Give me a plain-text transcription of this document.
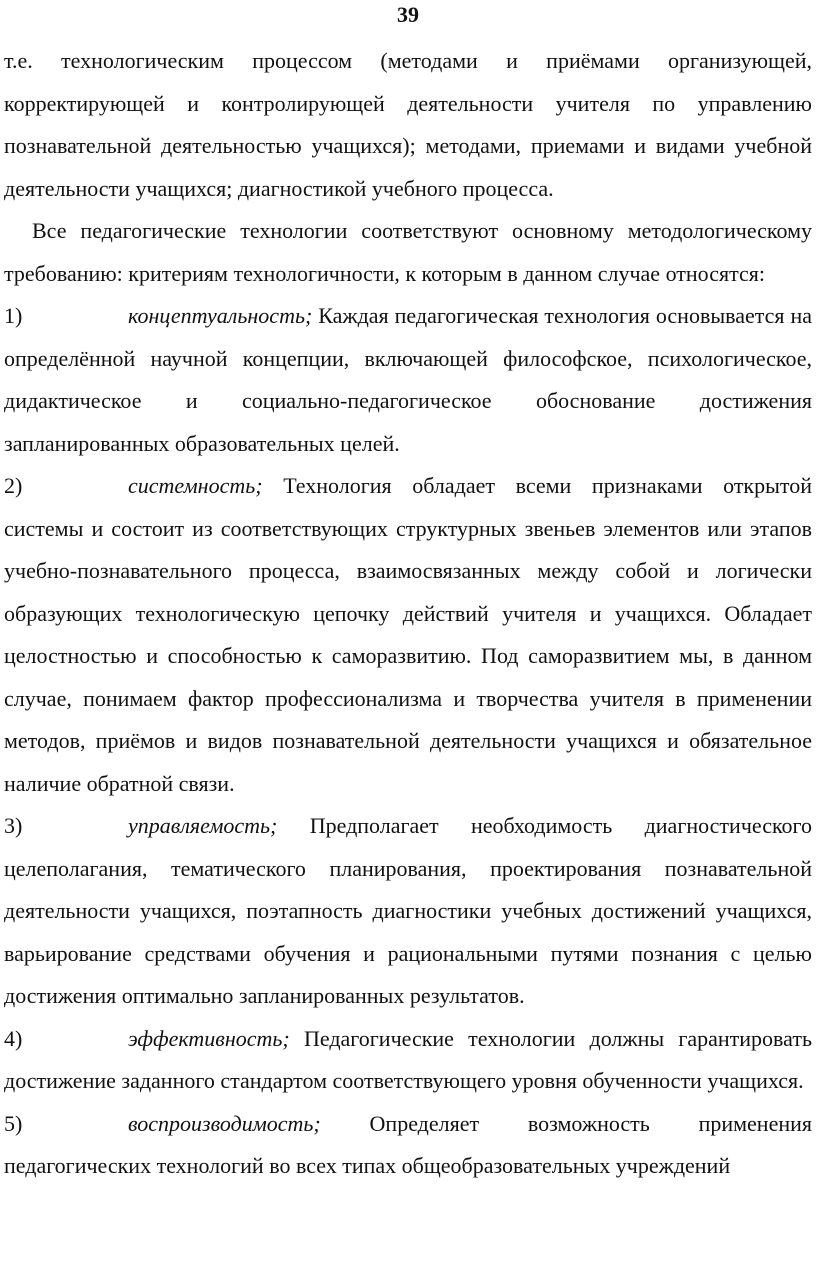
39

т.е. технологическим процессом (методами и приёмами организующей, корректирующей и контролирующей деятельности учителя по управлению познавательной деятельностью учащихся); методами, приемами и видами учебной деятельности учащихся; диагностикой учебного процесса.

Все педагогические технологии соответствуют основному методологическому требованию: критериям технологичности, к которым в данном случае относятся:

1)	концептуальность; Каждая педагогическая технология основывается на определённой научной концепции, включающей философское, психологическое, дидактическое и социально-педагогическое обоснование достижения запланированных образовательных целей.

2)	системность; Технология обладает всеми признаками открытой системы и состоит из соответствующих структурных звеньев элементов или этапов учебно-познавательного процесса, взаимосвязанных между собой и логически образующих технологическую цепочку действий учителя и учащихся. Обладает целостностью и способностью к саморазвитию. Под саморазвитием мы, в данном случае, понимаем фактор профессионализма и творчества учителя в применении методов, приёмов и видов познавательной деятельности учащихся и обязательное наличие обратной связи.

3)	управляемость; Предполагает необходимость диагностического целеполагания, тематического планирования, проектирования познавательной деятельности учащихся, поэтапность диагностики учебных достижений учащихся, варьирование средствами обучения и рациональными путями познания с целью достижения оптимально запланированных результатов.

4)	эффективность; Педагогические технологии должны гарантировать достижение заданного стандартом соответствующего уровня обученности учащихся.

5)	воспроизводимость; Определяет возможность применения педагогических технологий во всех типах общеобразовательных учреждений
